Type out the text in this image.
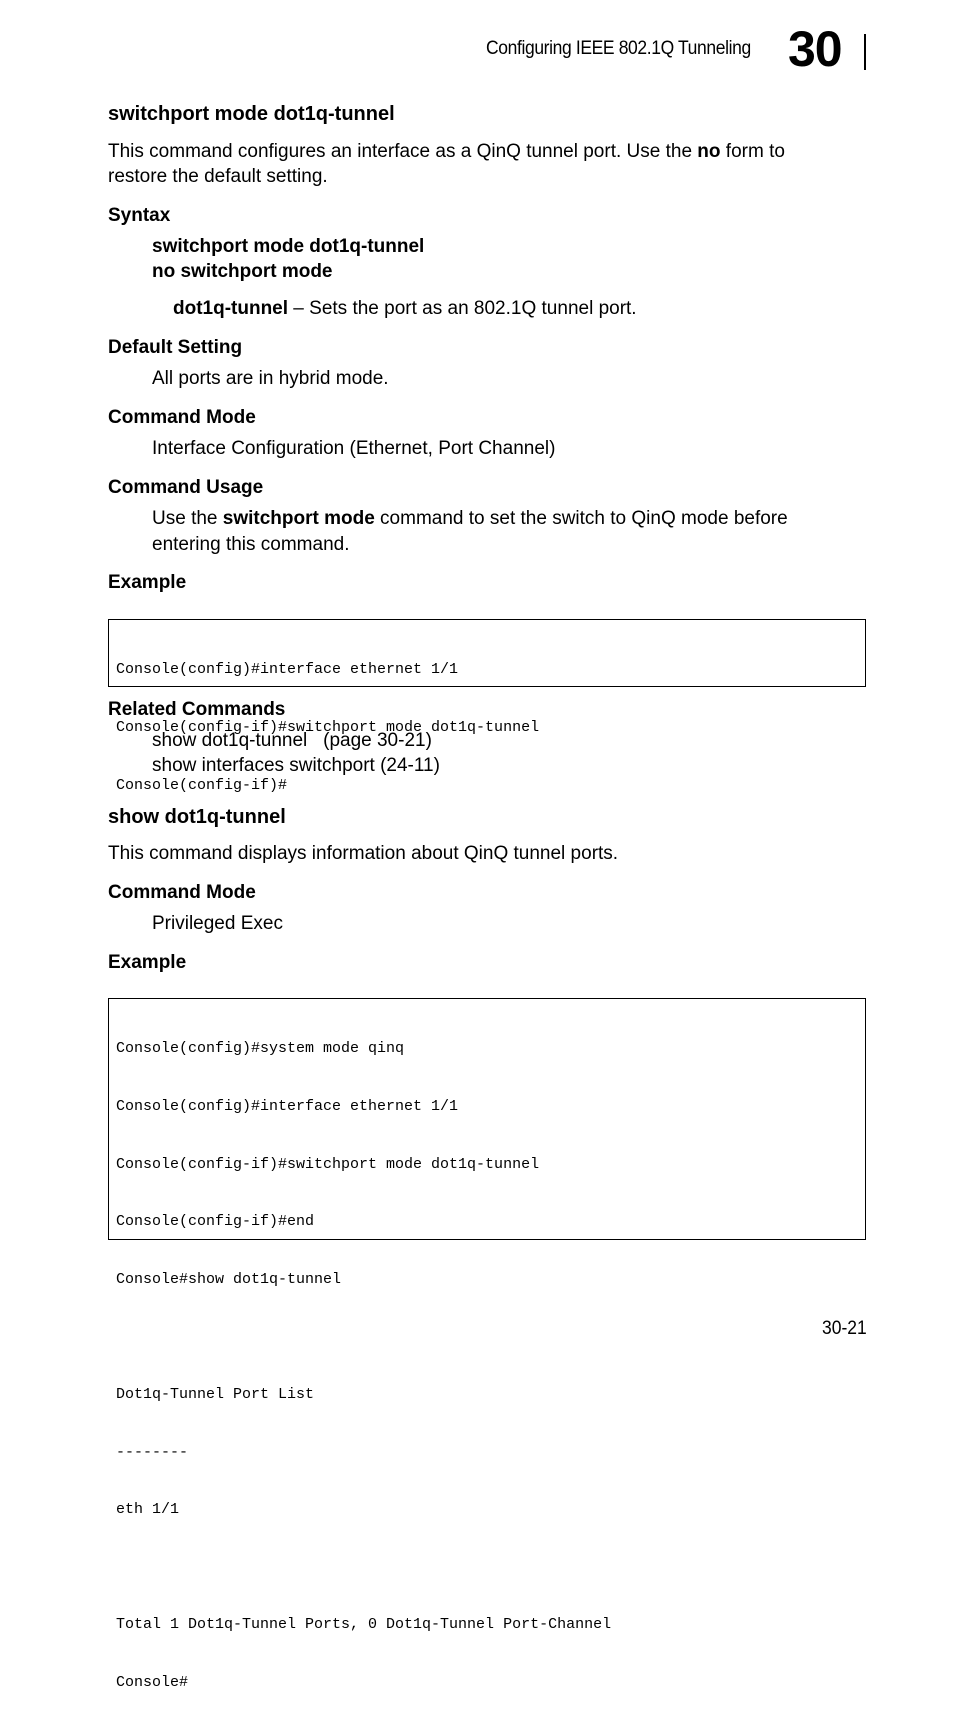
Configuring IEEE 802.1Q Tunneling 30
switchport mode dot1q-tunnel
This command configures an interface as a QinQ tunnel port. Use the no form to
restore the default setting.
Syntax
switchport mode dot1q-tunnel
no switchport mode
dot1q-tunnel – Sets the port as an 802.1Q tunnel port.
Default Setting
All ports are in hybrid mode.
Command Mode
Interface Configuration (Ethernet, Port Channel)
Command Usage
Use the switchport mode command to set the switch to QinQ mode before
entering this command.
Example

Console(config)#interface ethernet 1/1

Console(config-if)#switchport mode dot1q-tunnel

Console(config-if)#

Related Commands
show dot1q-tunnel   (page 30-21)
show interfaces switchport (24-11)
show dot1q-tunnel
This command displays information about QinQ tunnel ports.
Command Mode
Privileged Exec
Example

Console(config)#system mode qinq

Console(config)#interface ethernet 1/1

Console(config-if)#switchport mode dot1q-tunnel

Console(config-if)#end

Console#show dot1q-tunnel

Dot1q-Tunnel Port List

--------

eth 1/1

Total 1 Dot1q-Tunnel Ports, 0 Dot1q-Tunnel Port-Channel

Console#

30-21
